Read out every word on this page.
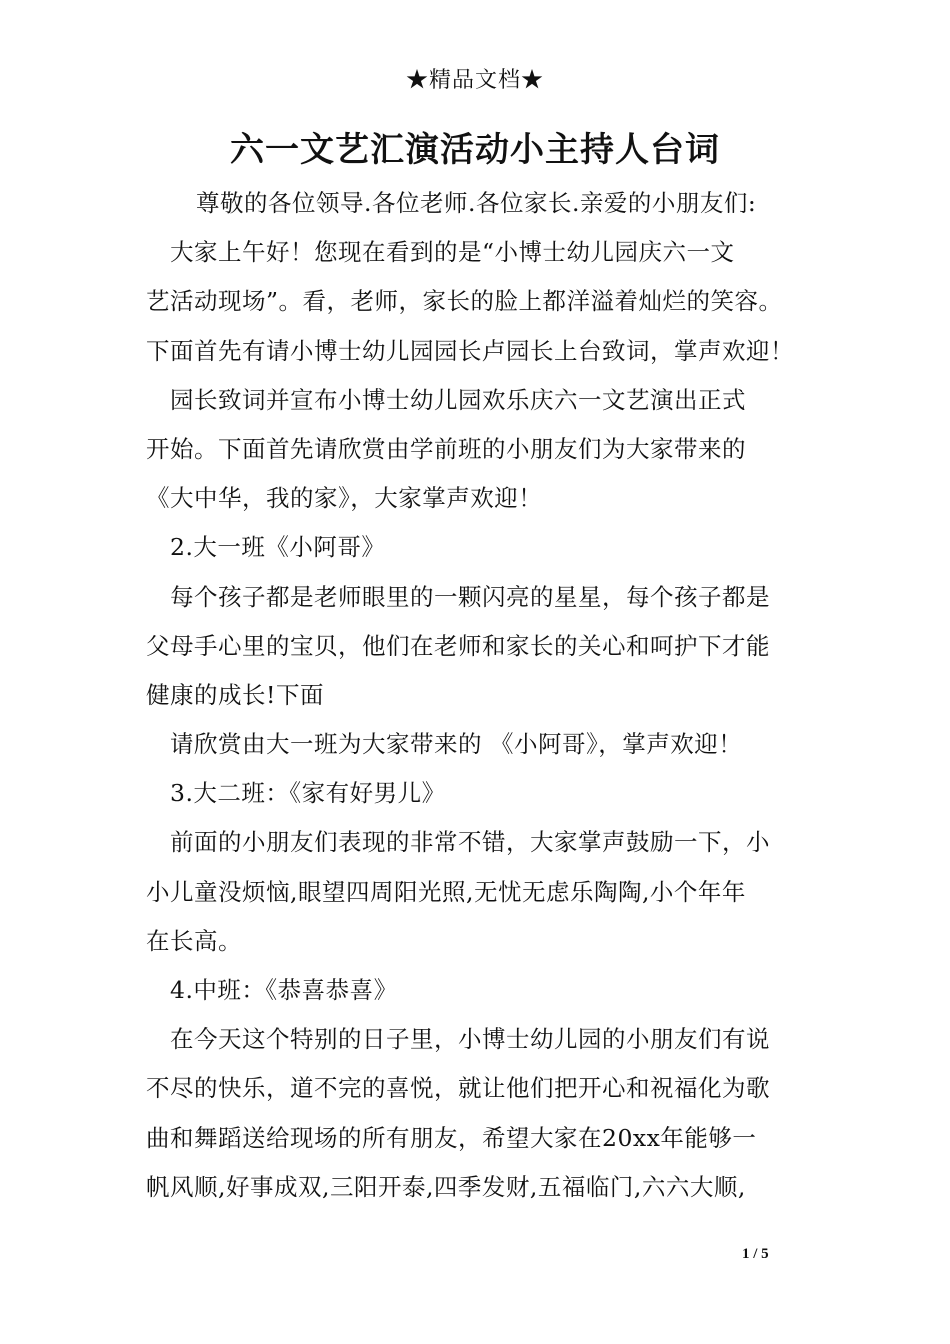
★精品文档★
六一文艺汇演活动小主持人台词
尊敬的各位领导.各位老师.各位家长.亲爱的小朋友们:
大家上午好！您现在看到的是“小博士幼儿园庆六一文
艺活动现场”。看，老师，家长的脸上都洋溢着灿烂的笑容。
下面首先有请小博士幼儿园园长卢园长上台致词，掌声欢迎！
园长致词并宣布小博士幼儿园欢乐庆六一文艺演出正式
开始。下面首先请欣赏由学前班的小朋友们为大家带来的
《大中华，我的家》，大家掌声欢迎！
2.大一班《小阿哥》
每个孩子都是老师眼里的一颗闪亮的星星，每个孩子都是
父母手心里的宝贝，他们在老师和家长的关心和呵护下才能
健康的成长!下面
请欣赏由大一班为大家带来的 《小阿哥》，掌声欢迎！
3.大二班：《家有好男儿》
前面的小朋友们表现的非常不错，大家掌声鼓励一下，小
小儿童没烦恼,眼望四周阳光照,无忧无虑乐陶陶,小个年年
在长高。
4.中班：《恭喜恭喜》
在今天这个特别的日子里，小博士幼儿园的小朋友们有说
不尽的快乐，道不完的喜悦，就让他们把开心和祝福化为歌
曲和舞蹈送给现场的所有朋友，希望大家在20xx年能够一
帆风顺,好事成双,三阳开泰,四季发财,五福临门,六六大顺,
1 / 5
